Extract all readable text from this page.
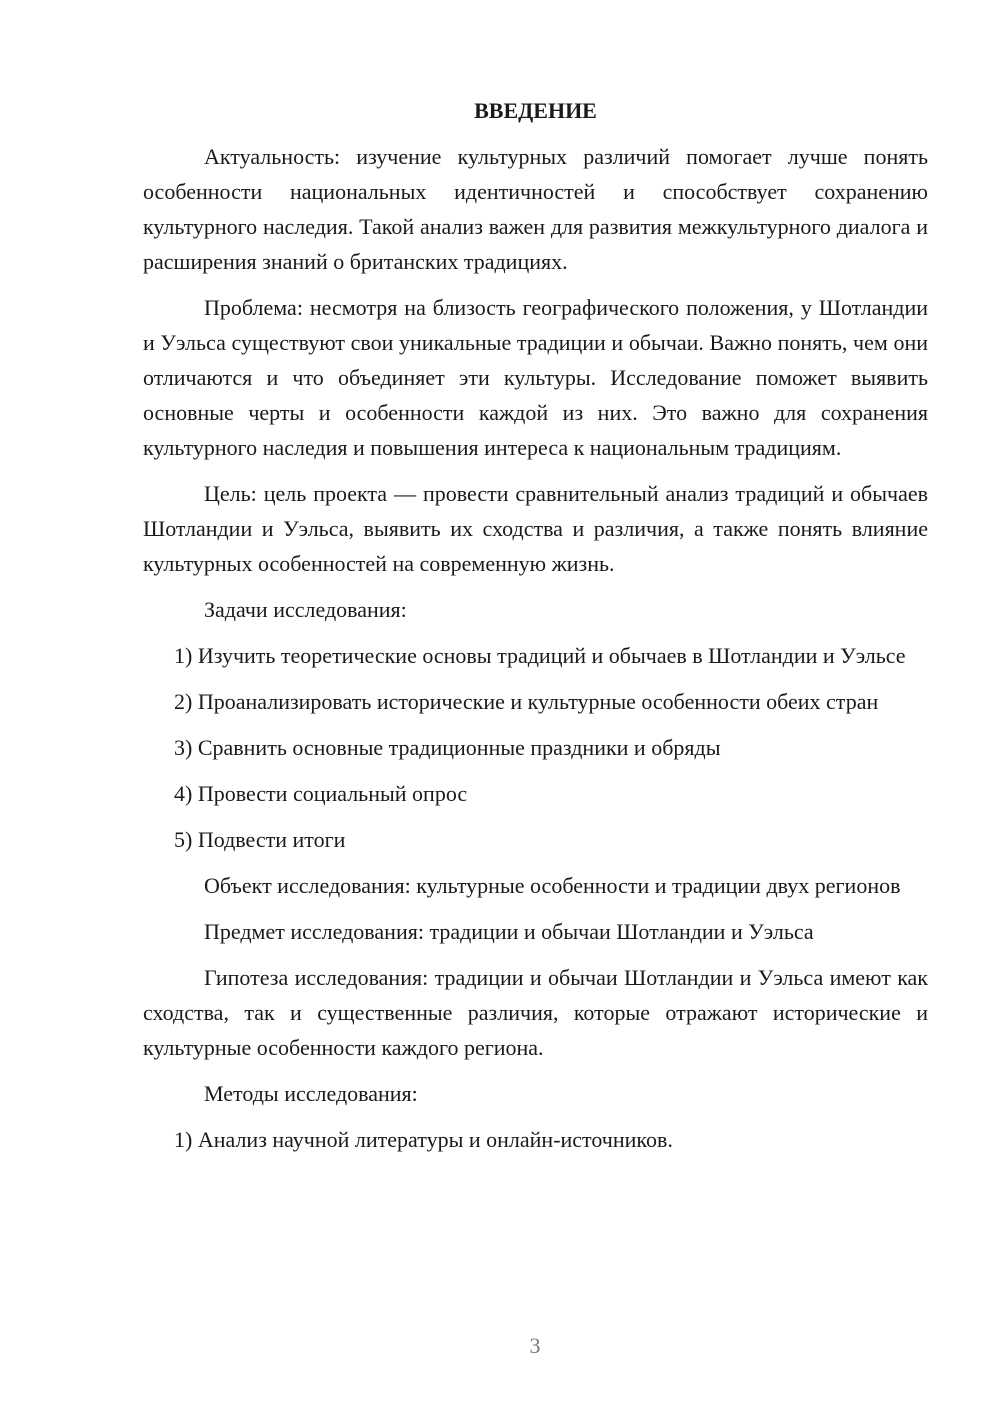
ВВЕДЕНИЕ

Актуальность: изучение культурных различий помогает лучше понять особенности национальных идентичностей и способствует сохранению культурного наследия. Такой анализ важен для развития межкультурного диалога и расширения знаний о британских традициях.

Проблема: несмотря на близость географического положения, у Шотландии и Уэльса существуют свои уникальные традиции и обычаи. Важно понять, чем они отличаются и что объединяет эти культуры. Исследование поможет выявить основные черты и особенности каждой из них. Это важно для сохранения культурного наследия и повышения интереса к национальным традициям.

Цель: цель проекта — провести сравнительный анализ традиций и обычаев Шотландии и Уэльса, выявить их сходства и различия, а также понять влияние культурных особенностей на современную жизнь.

Задачи исследования:

1) Изучить теоретические основы традиций и обычаев в Шотландии и Уэльсе

2) Проанализировать исторические и культурные особенности обеих стран

3) Сравнить основные традиционные праздники и обряды

4) Провести социальный опрос

5) Подвести итоги

Объект исследования: культурные особенности и традиции двух регионов

Предмет исследования: традиции и обычаи Шотландии и Уэльса

Гипотеза исследования: традиции и обычаи Шотландии и Уэльса имеют как сходства, так и существенные различия, которые отражают исторические и культурные особенности каждого региона.

Методы исследования:

1) Анализ научной литературы и онлайн-источников.

3
